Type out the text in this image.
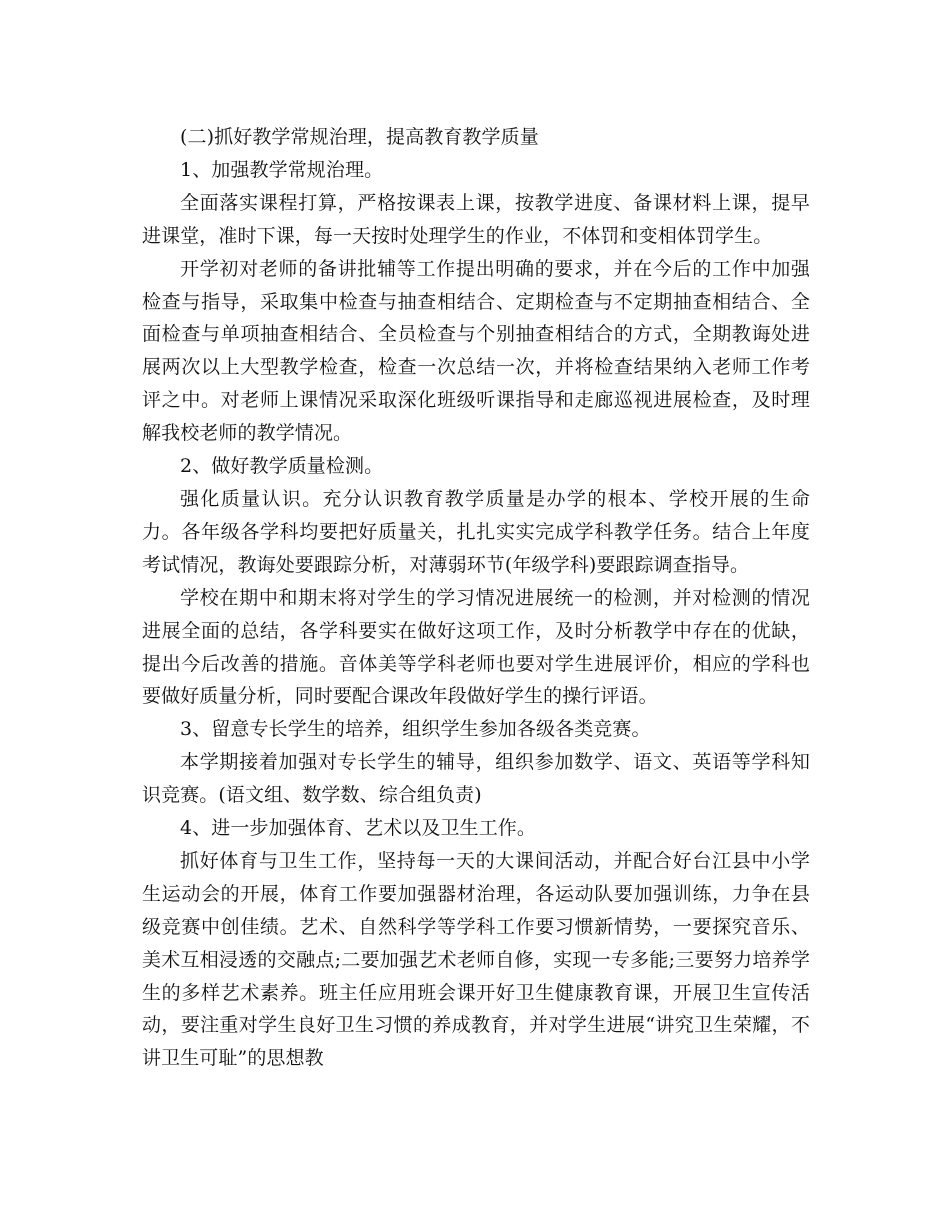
(二)抓好教学常规治理，提高教育教学质量

1、加强教学常规治理。

全面落实课程打算，严格按课表上课，按教学进度、备课材料上课，提早进课堂，准时下课，每一天按时处理学生的作业，不体罚和变相体罚学生。

开学初对老师的备讲批辅等工作提出明确的要求，并在今后的工作中加强检查与指导，采取集中检查与抽查相结合、定期检查与不定期抽查相结合、全面检查与单项抽查相结合、全员检查与个别抽查相结合的方式，全期教诲处进展两次以上大型教学检查，检查一次总结一次，并将检查结果纳入老师工作考评之中。对老师上课情况采取深化班级听课指导和走廊巡视进展检查，及时理解我校老师的教学情况。

2、做好教学质量检测。

强化质量认识。充分认识教育教学质量是办学的根本、学校开展的生命力。各年级各学科均要把好质量关，扎扎实实完成学科教学任务。结合上年度考试情况，教诲处要跟踪分析，对薄弱环节(年级学科)要跟踪调查指导。

学校在期中和期末将对学生的学习情况进展统一的检测，并对检测的情况进展全面的总结，各学科要实在做好这项工作，及时分析教学中存在的优缺，提出今后改善的措施。音体美等学科老师也要对学生进展评价，相应的学科也要做好质量分析，同时要配合课改年段做好学生的操行评语。

3、留意专长学生的培养，组织学生参加各级各类竞赛。

本学期接着加强对专长学生的辅导，组织参加数学、语文、英语等学科知识竞赛。(语文组、数学数、综合组负责)

4、进一步加强体育、艺术以及卫生工作。

抓好体育与卫生工作，坚持每一天的大课间活动，并配合好台江县中小学生运动会的开展，体育工作要加强器材治理，各运动队要加强训练，力争在县级竞赛中创佳绩。艺术、自然科学等学科工作要习惯新情势，一要探究音乐、美术互相浸透的交融点;二要加强艺术老师自修，实现一专多能;三要努力培养学生的多样艺术素养。班主任应用班会课开好卫生健康教育课，开展卫生宣传活动，要注重对学生良好卫生习惯的养成教育，并对学生进展“讲究卫生荣耀，不讲卫生可耻”的思想教
